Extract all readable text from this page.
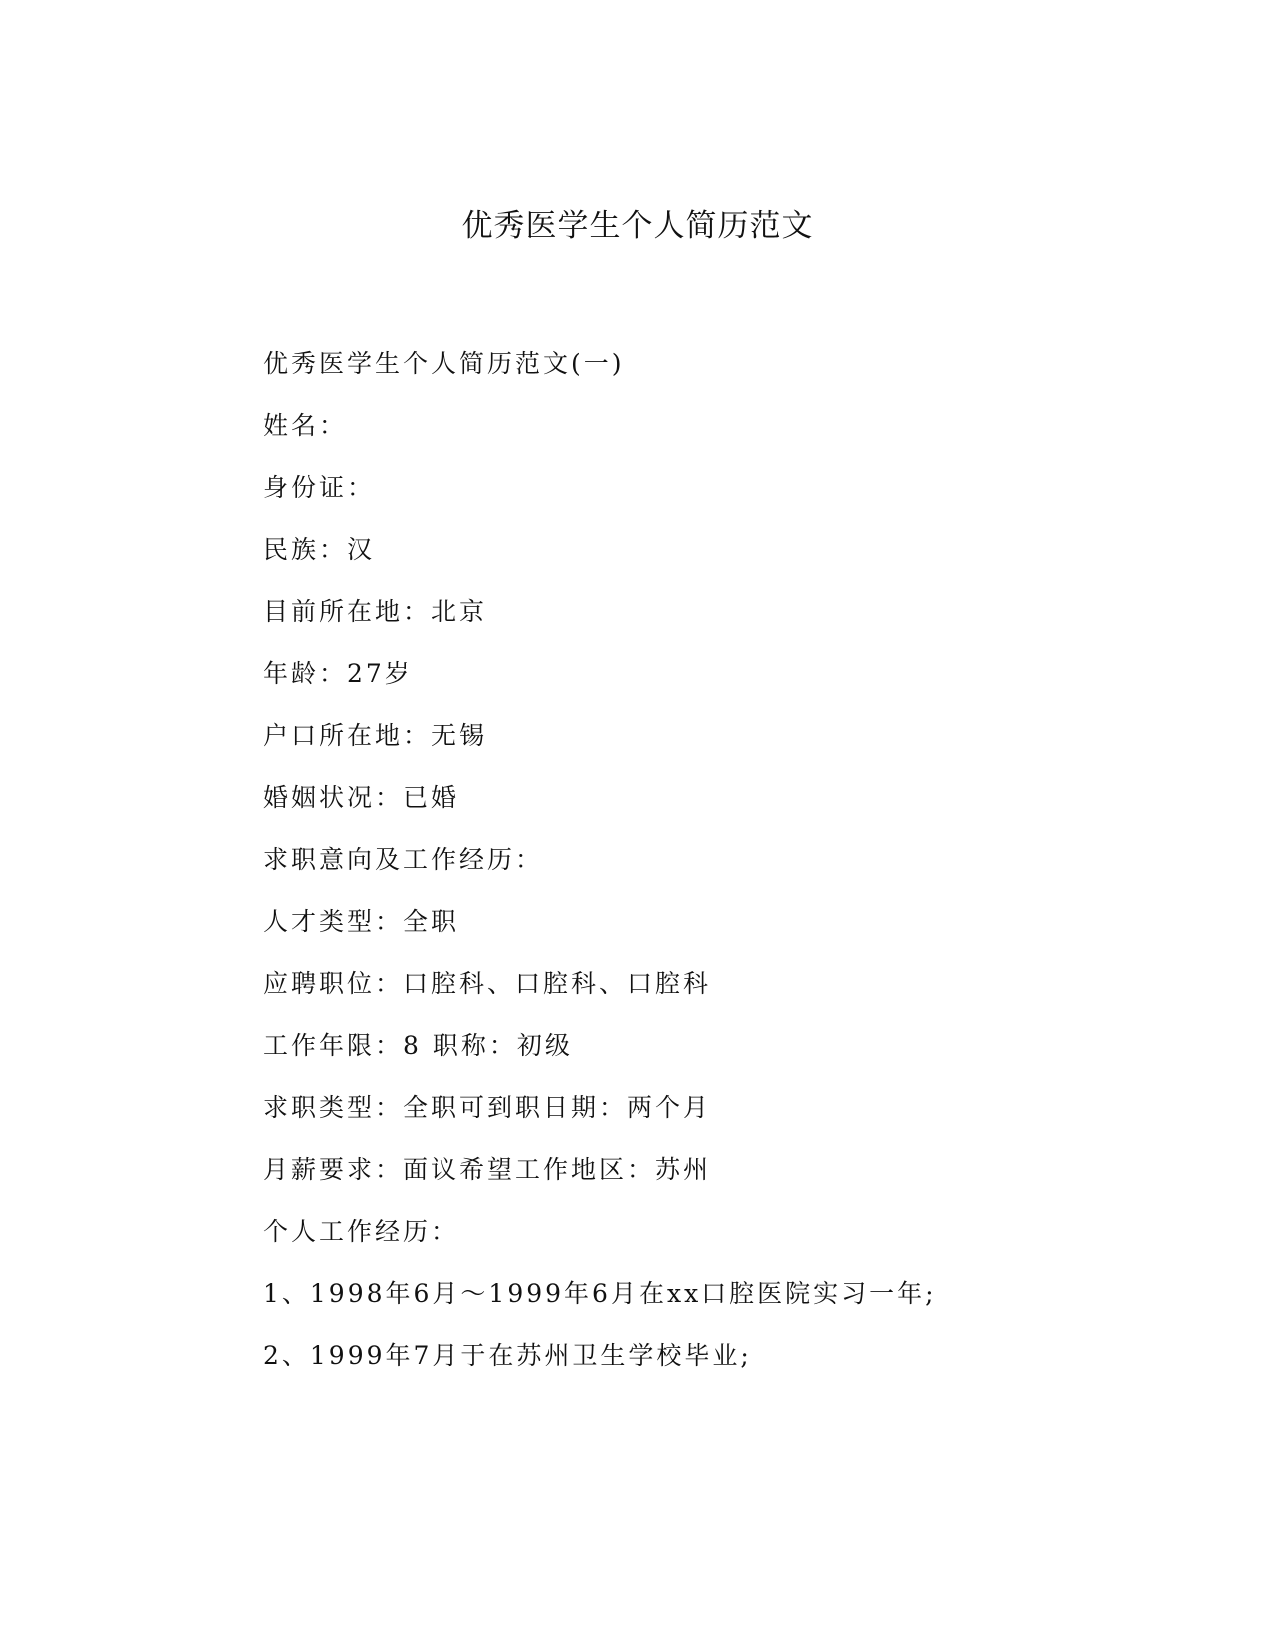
优秀医学生个人简历范文

优秀医学生个人简历范文(一)

姓名：

身份证：

民族：汉

目前所在地：北京

年龄：27岁

户口所在地：无锡

婚姻状况：已婚

求职意向及工作经历：

人才类型：全职

应聘职位：口腔科、口腔科、口腔科

工作年限：8 职称：初级

求职类型：全职可到职日期：两个月

月薪要求：面议希望工作地区：苏州

个人工作经历：

1、1998年6月～1999年6月在xx口腔医院实习一年;

2、1999年7月于在苏州卫生学校毕业;
